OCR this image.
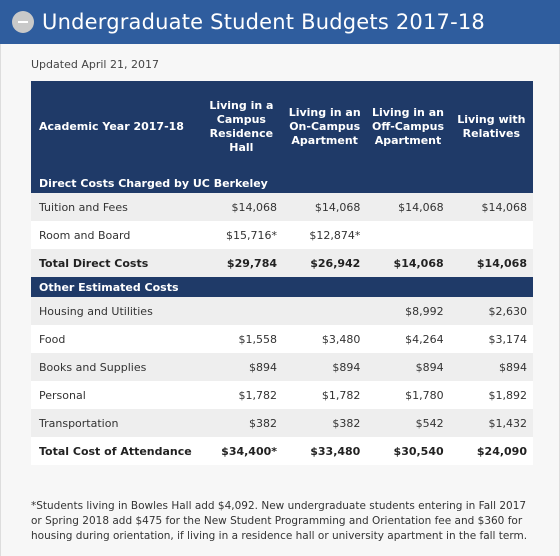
Undergraduate Student Budgets 2017-18
Updated April 21, 2017
Academic Year 2017-18	Living in a Campus Residence Hall	Living in an On-Campus Apartment	Living in an Off-Campus Apartment	Living with Relatives
Direct Costs Charged by UC Berkeley				
Tuition and Fees	$14,068	$14,068	$14,068	$14,068
Room and Board	$15,716*	$12,874*		
Total Direct Costs	$29,784	$26,942	$14,068	$14,068
Other Estimated Costs				
Housing and Utilities			$8,992	$2,630
Food	$1,558	$3,480	$4,264	$3,174
Books and Supplies	$894	$894	$894	$894
Personal	$1,782	$1,782	$1,780	$1,892
Transportation	$382	$382	$542	$1,432
Total Cost of Attendance	$34,400*	$33,480	$30,540	$24,090
*Students living in Bowles Hall add $4,092. New undergraduate students entering in Fall 2017 or Spring 2018 add $475 for the New Student Programming and Orientation fee and $360 for housing during orientation, if living in a residence hall or university apartment in the fall term.
